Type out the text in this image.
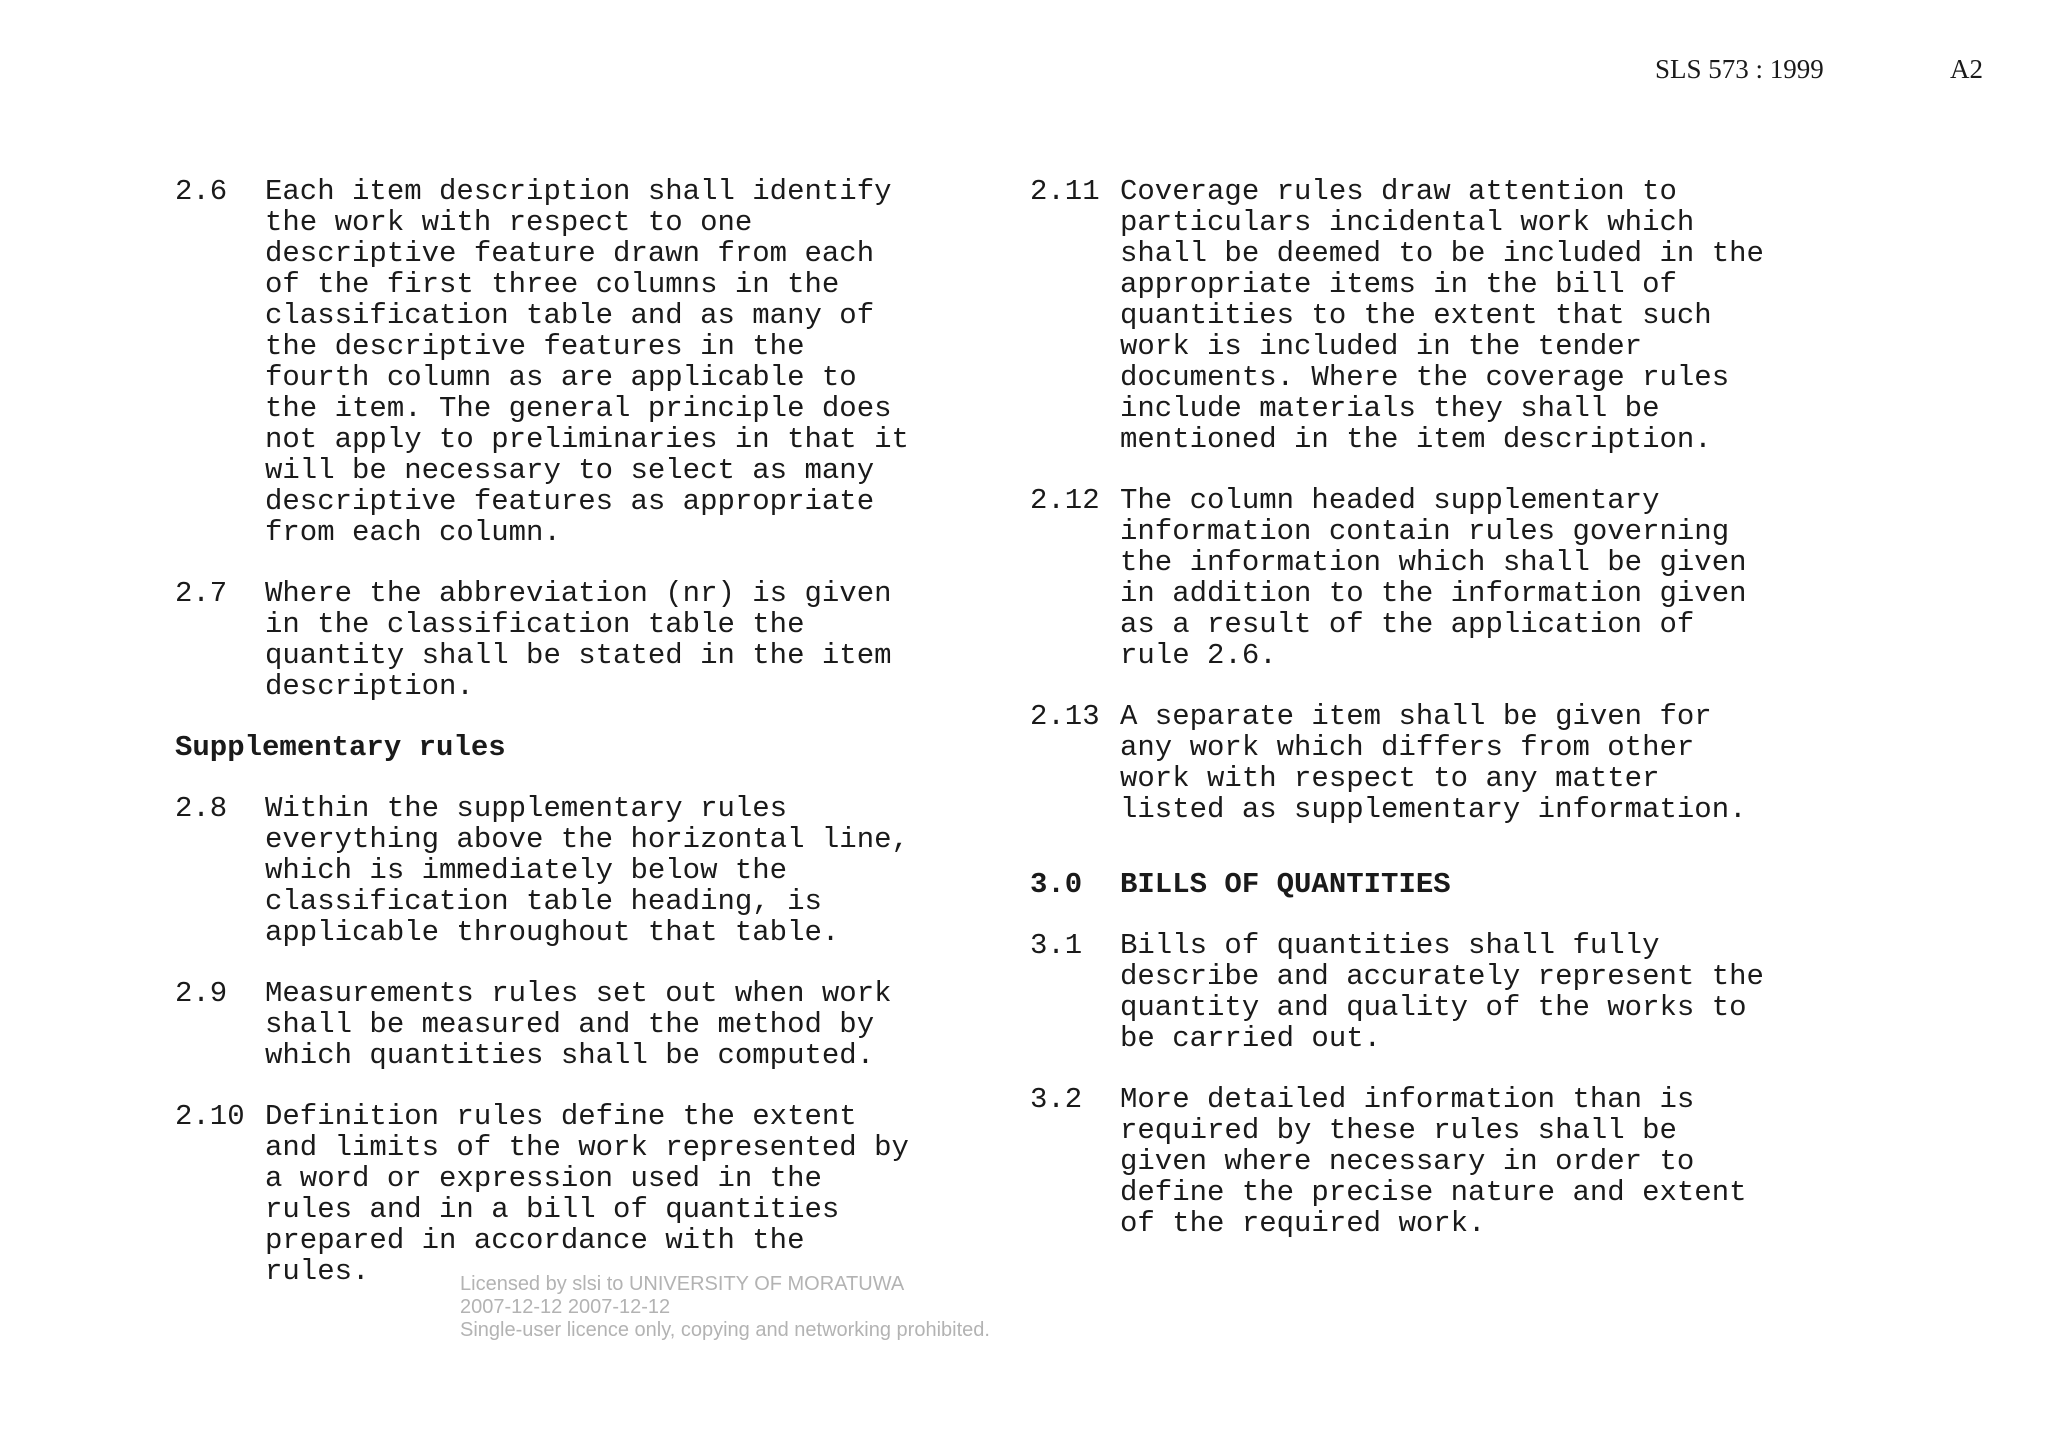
SLS 573 : 1999	A2
2.6	Each item description shall identify
the work with respect to one
descriptive feature drawn from each
of the first three columns in the
classification table and as many of
the descriptive features in the
fourth column as are applicable to
the item. The general principle does
not apply to preliminaries in that it
will be necessary to select as many
descriptive features as appropriate
from each column.
2.7	Where the abbreviation (nr) is given
in the classification table the
quantity shall be stated in the item
description.
Supplementary rules
2.8	Within the supplementary rules
everything above the horizontal line,
which is immediately below the
classification table heading, is
applicable throughout that table.
2.9	Measurements rules set out when work
shall be measured and the method by
which quantities shall be computed.
2.10 Definition rules define the extent
and limits of the work represented by
a word or expression used in the
rules and in a bill of quantities
prepared in accordance with the
rules.
2.11 Coverage rules draw attention to
particulars incidental work which
shall be deemed to be included in the
appropriate items in the bill of
quantities to the extent that such
work is included in the tender
documents. Where the coverage rules
include materials they shall be
mentioned in the item description.
2.12 The column headed supplementary
information contain rules governing
the information which shall be given
in addition to the information given
as a result of the application of
rule 2.6.
2.13 A separate item shall be given for
any work which differs from other
work with respect to any matter
listed as supplementary information.
3.0	BILLS OF QUANTITIES
3.1	Bills of quantities shall fully
describe and accurately represent the
quantity and quality of the works to
be carried out.
3.2	More detailed information than is
required by these rules shall be
given where necessary in order to
define the precise nature and extent
of the required work.
Licensed by slsi to UNIVERSITY OF MORATUWA
2007-12-12 2007-12-12
Single-user licence only, copying and networking prohibited.
